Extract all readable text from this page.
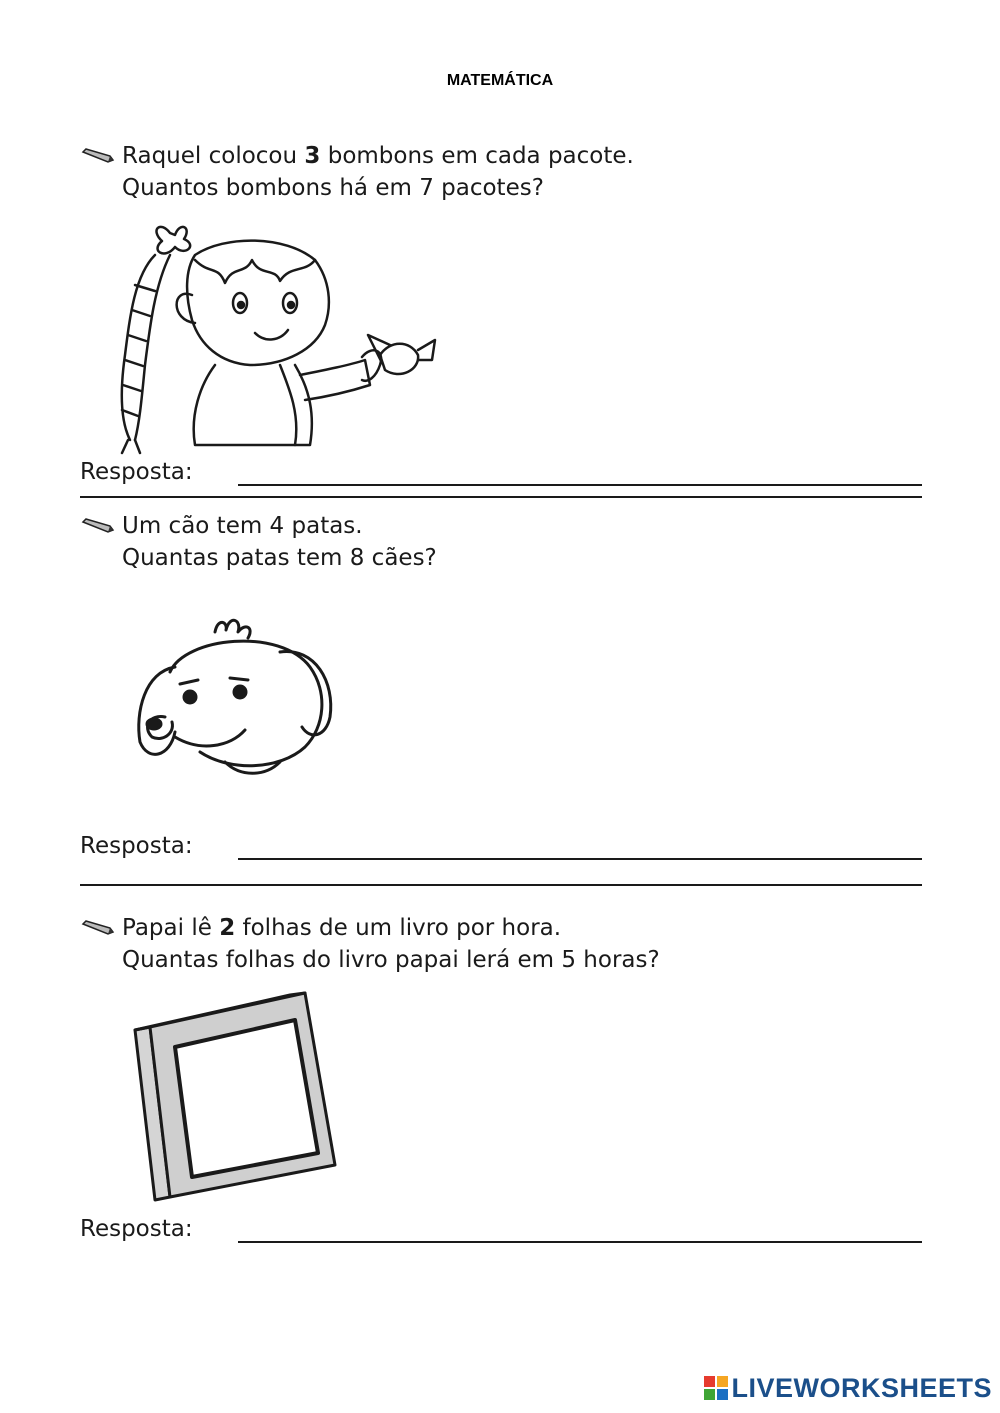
MATEMÁTICA
Raquel colocou 3 bombons em cada pacote.
Quantos bombons há em 7 pacotes?
Resposta:
Um cão tem 4 patas.
Quantas patas tem 8 cães?
Resposta:
Papai lê 2 folhas de um livro por hora.
Quantas folhas do livro papai lerá em 5 horas?
Resposta:
LIVEWORKSHEETS
